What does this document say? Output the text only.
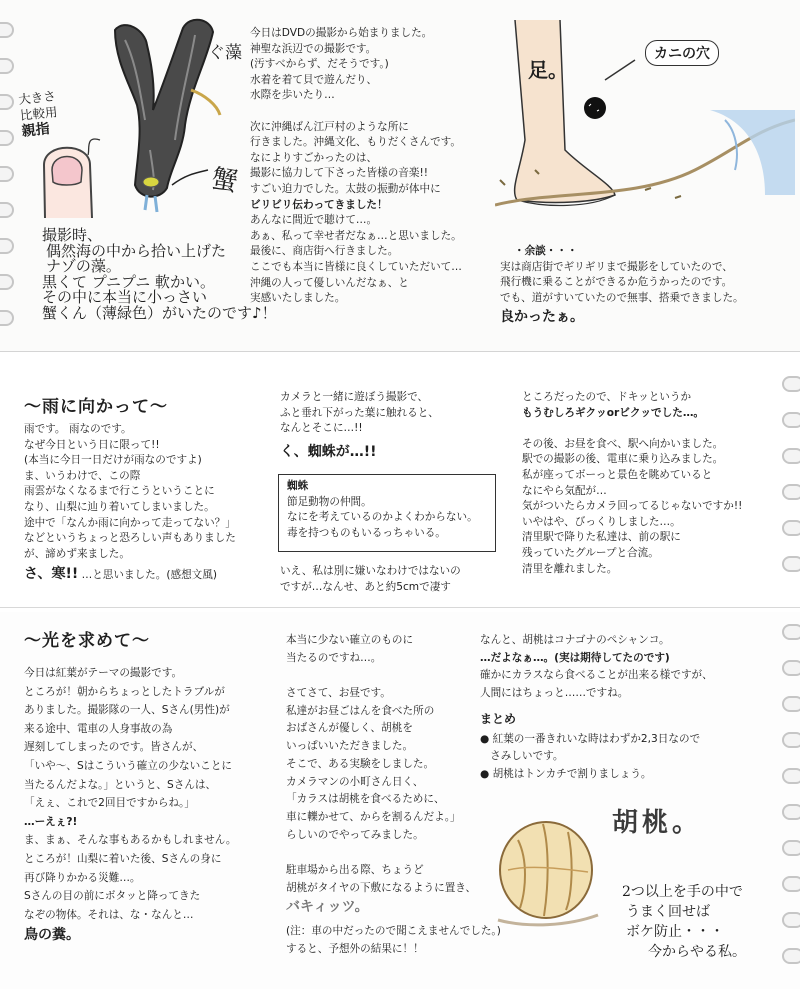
ぐ藻
蟹
大きさ
比較用
親指
撮影時、
偶然海の中から拾い上げた
ナゾの藻。
黒くて プニプニ 軟かい。
その中に本当に小っさい
蟹くん（薄緑色）がいたのです♪！
今日はDVDの撮影から始まりました。
神聖な浜辺での撮影です。
(汚すべからず、だそうです。)
水着を着て貝で遊んだり、
水際を歩いたり…
次に沖縄ばん江戸村のような所に
行きました。沖縄文化、もりだくさんです。
なによりすごかったのは、
撮影に協力して下さった皆様の音楽!!
すごい迫力でした。太鼓の振動が体中に
ビリビリ伝わってきました！
あんなに間近で聴けて…。
あぁ、私って幸せ者だなぁ…と思いました。
最後に、商店街へ行きました。
ここでも本当に皆様に良くしていただいて…
沖縄の人って優しいんだなぁ、と
実感いたしました。
足。
カニの穴
・余談・・・
実は商店街でギリギリまで撮影をしていたので、
飛行機に乗ることができるか危うかったのです。
でも、道がすいていたので無事、搭乗できました。
良かったぁ。
～雨に向かって～
雨です。 雨なのです。
なぜ今日という日に限って!!
(本当に今日一日だけが雨なのですよ)
ま、いうわけで、この際
雨雲がなくなるまで行こうということに
なり、山梨に辿り着いてしまいました。
途中で「なんか雨に向かって走ってない？」
などというちょっと恐ろしい声もありました
が、諦めず来ました。
さ、寒!! …と思いました。(感想文風)
カメラと一緒に遊ぼう撮影で、
ふと垂れ下がった葉に触れると、
なんとそこに…!!
く、蜘蛛が…!!
蜘蛛
節足動物の仲間。
なにを考えているのかよくわからない。
毒を持つものもいるっちゃいる。
いえ、私は別に嫌いなわけではないの
ですが…なんせ、あと約5cmで凄す
ところだったので、ドキッというか
もうむしろギクッorビクッでした…。
その後、お昼を食べ、駅へ向かいました。
駅での撮影の後、電車に乗り込みました。
私が座ってボーっと景色を眺めていると
なにやら気配が…
気がついたらカメラ回ってるじゃないですか!!
いやはや、びっくりしました…。
清里駅で降りた私達は、前の駅に
残っていたグループと合流。
清里を離れました。
～光を求めて～
今日は紅葉がテーマの撮影です。
ところが！朝からちょっとしたトラブルが
ありました。撮影隊の一人、Sさん(男性)が
来る途中、電車の人身事故の為
遅刻してしまったのです。皆さんが、
「いや～、Sはこういう確立の少ないことに
当たるんだよな。」というと、Sさんは、
「えぇ、これで2回目ですからね。」
…ーえぇ?!
ま、まぁ、そんな事もあるかもしれません。
ところが！山梨に着いた後、Sさんの身に
再び降りかかる災難…。
Sさんの目の前にボタッと降ってきた
なぞの物体。それは、な・なんと…
鳥の糞。
本当に少ない確立のものに
当たるのですね…。
さてさて、お昼です。
私達がお昼ごはんを食べた所の
おばさんが優しく、胡桃を
いっぱいいただきました。
そこで、ある実験をしました。
カメラマンの小町さん日く、
「カラスは胡桃を食べるために、
車に轢かせて、からを割るんだよ。」
らしいのでやってみました。
駐車場から出る際、ちょうど
胡桃がタイヤの下敷になるように置き、
バキィッツ。
(注：車の中だったので聞こえませんでした。)
すると、予想外の結果に！！
なんと、胡桃はコナゴナのペシャンコ。
…だよなぁ…。(実は期待してたのです)
確かにカラスなら食べることが出来る様ですが、
人間にはちょっと……ですね。
まとめ
● 紅葉の一番きれいな時はわずか2,3日なので
さみしいです。
● 胡桃はトンカチで割りましょう。
胡桃。
2つ以上を手の中で
うまく回せば
ボケ防止・・・
今からやる私。
